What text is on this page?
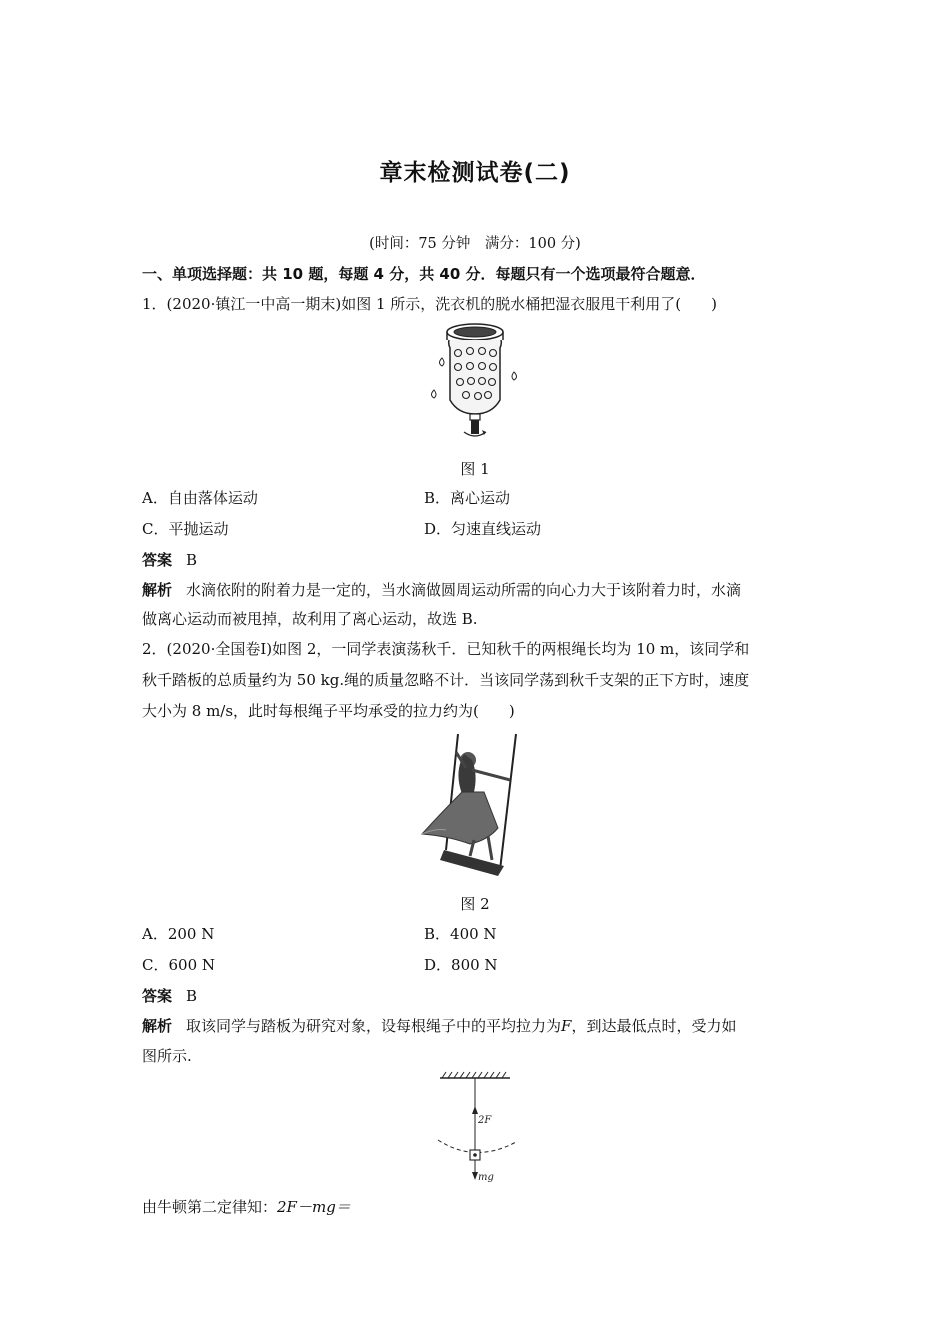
章末检测试卷(二)
(时间：75 分钟　满分：100 分)
一、单项选择题：共 10 题，每题 4 分，共 40 分．每题只有一个选项最符合题意．
1．(2020·镇江一中高一期末)如图 1 所示，洗衣机的脱水桶把湿衣服甩干利用了(　　)
图 1
A．自由落体运动	B．离心运动
C．平抛运动	D．匀速直线运动
答案 B
解析 水滴依附的附着力是一定的，当水滴做圆周运动所需的向心力大于该附着力时，水滴
做离心运动而被甩掉，故利用了离心运动，故选 B.
2．(2020·全国卷Ⅰ)如图 2，一同学表演荡秋千．已知秋千的两根绳长均为 10 m，该同学和
秋千踏板的总质量约为 50 kg.绳的质量忽略不计．当该同学荡到秋千支架的正下方时，速度
大小为 8 m/s，此时每根绳子平均承受的拉力约为(　　)
图 2
A．200 N	B．400 N
C．600 N	D．800 N
答案 B
解析 取该同学与踏板为研究对象，设每根绳子中的平均拉力为F，到达最低点时，受力如
图所示.
2F
mg
由牛顿第二定律知：2F－mg＝
